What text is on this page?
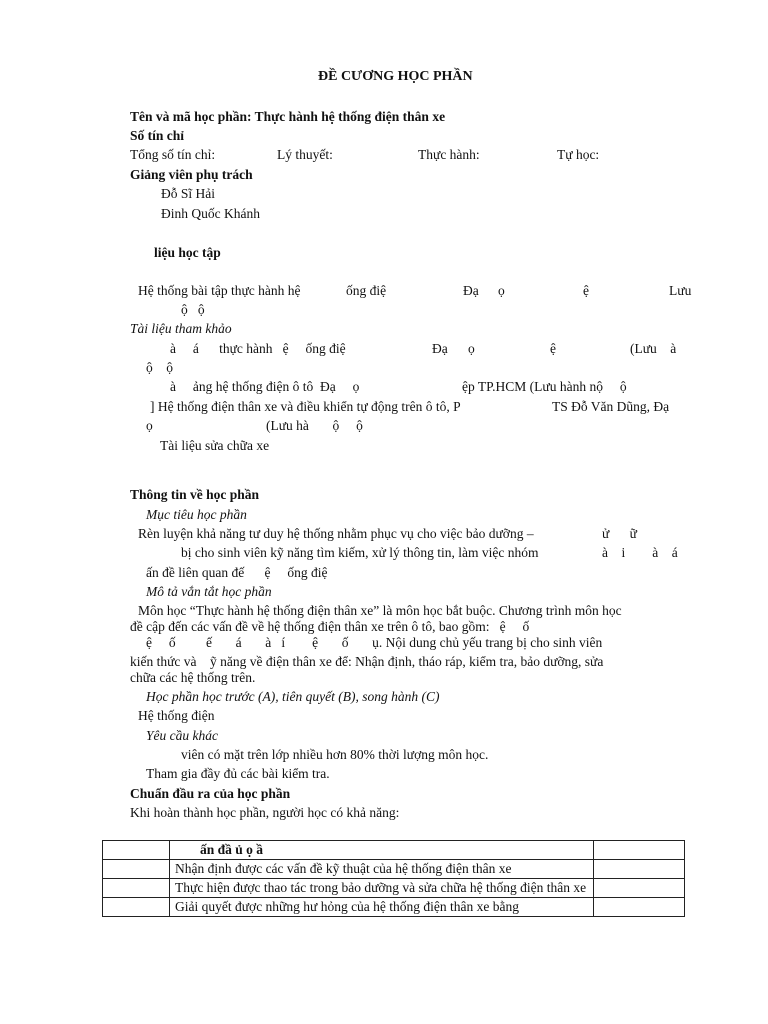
ĐỀ CƯƠNG HỌC PHẦN
Tên và mã học phần: Thực hành hệ thống điện thân xe
Số tín chỉ
Tổng số tín chỉ:	Lý thuyết:	Thực hành:	Tự học:
Giảng viên phụ trách
Đỗ Sĩ Hải
Đinh Quốc Khánh
liệu học tập
Hệ thống bài tập thực hành hệ	ống điệ	Đạ ọ	ệ	Lưu
ộ   ộ
Tài liệu tham khảo
à     á      thực hành   ệ     ống điệ	Đạ      ọ	ệ	(Lưu    à
ộ    ộ
à     ảng hệ thống điện ô tô  Đạ     ọ	ệp TP.HCM (Lưu hành nộ     ộ
] Hệ thống điện thân xe và điều khiển tự động trên ô tô, P	TS Đỗ Văn Dũng, Đạ
ọ	(Lưu hà       ộ     ộ
Tài liệu sửa chữa xe
Thông tin về học phần
Mục tiêu học phần
Rèn luyện khả năng tư duy hệ thống nhằm phục vụ cho việc bảo dưỡng –	ử      ữ
bị cho sinh viên kỹ năng tìm kiếm, xử lý thông tin, làm việc nhóm	à    i        à    á
ấn đề liên quan đế      ệ     ống điệ
Mô tả vắn tắt học phần
Môn học “Thực hành hệ thống điện thân xe” là môn học bắt buộc. Chương trình môn học
đề cập đến các vấn đề về hệ thống điện thân xe trên ô tô, bao gồm:   ệ     ố
ệ     ố         ế       á       à   í        ệ       ố       ụ. Nội dung chủ yếu trang bị cho sinh viên
kiến thức và    ỹ năng về điện thân xe để: Nhận định, tháo ráp, kiểm tra, bảo dưỡng, sửa
chữa các hệ thống trên.
Học phần học trước (A), tiên quyết (B), song hành (C)
Hệ thống điện
Yêu cầu khác
viên có mặt trên lớp nhiều hơn 80% thời lượng môn học.
Tham gia đầy đủ các bài kiểm tra.
Chuẩn đầu ra của học phần
Khi hoàn thành học phần, người học có khả năng:
	ấn đầ ủ ọ ầ	
	Nhận định được các vấn đề kỹ thuật của hệ thống điện thân xe	
	Thực hiện được thao tác trong bảo dưỡng và sửa chữa hệ thống điện thân xe	
	Giải quyết được những hư hỏng của hệ thống điện thân xe bằng	
